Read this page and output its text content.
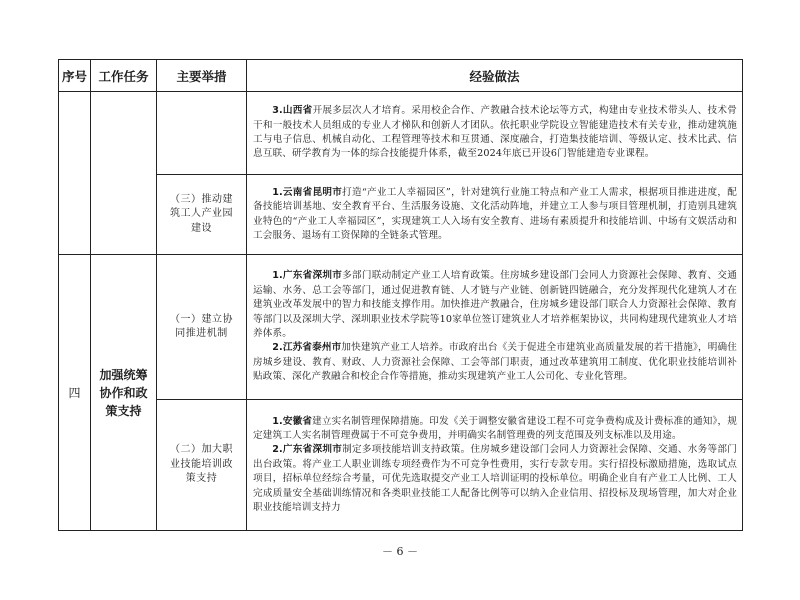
序号	工作任务	主要举措	经验做法

			3.山西省开展多层次人才培育。采用校企合作、产教融合技术论坛等方式，构建由专业技术带头人、技术骨干和一般技术人员组成的专业人才梯队和创新人才团队。依托职业学院设立智能建造技术有关专业，推动建筑施工与电子信息、机械自动化、工程管理等技术和互贯通、深度融合，打造集技能培训、等级认定、技术比武、信息互联、研学教育为一体的综合技能提升体系，截至2024年底已开设6门智能建造专业课程。

		（三）推动建筑工人产业园建设	1.云南省昆明市打造“产业工人幸福园区”，针对建筑行业施工特点和产业工人需求，根据项目推进进度，配备技能培训基地、安全教育平台、生活服务设施、文化活动阵地，并建立工人参与项目管理机制，打造别具建筑业特色的“产业工人幸福园区”，实现建筑工人入场有安全教育、进场有素质提升和技能培训、中场有文娱活动和工会服务、退场有工资保障的全链条式管理。

四	加强统筹协作和政策支持	（一）建立协同推进机制	1.广东省深圳市多部门联动制定产业工人培育政策。住房城乡建设部门会同人力资源社会保障、教育、交通运输、水务、总工会等部门，通过促进教育链、人才链与产业链、创新链四链融合，充分发挥现代化建筑人才在建筑业改革发展中的智力和技能支撑作用。加快推进产教融合，住房城乡建设部门联合人力资源社会保障、教育等部门以及深圳大学、深圳职业技术学院等10家单位签订建筑业人才培养框架协议，共同构建现代建筑业人才培养体系。

2.江苏省泰州市加快建筑产业工人培养。市政府出台《关于促进全市建筑业高质量发展的若干措施》，明确住房城乡建设、教育、财政、人力资源社会保障、工会等部门职责，通过改革建筑用工制度、优化职业技能培训补贴政策、深化产教融合和校企合作等措施，推动实现建筑产业工人公司化、专业化管理。

		（二）加大职业技能培训政策支持	1.安徽省建立实名制管理保障措施。印发《关于调整安徽省建设工程不可竞争费构成及计费标准的通知》，规定建筑工人实名制管理费属于不可竞争费用，并明确实名制管理费的列支范围及列支标准以及用途。

2.广东省深圳市制定多项技能培训支持政策。住房城乡建设部门会同人力资源社会保障、交通、水务等部门出台政策。将产业工人职业训练专项经费作为不可竞争性费用，实行专款专用。实行招投标激励措施，选取试点项目，招标单位经综合考量，可优先选取提交产业工人培训证明的投标单位。明确企业自有产业工人比例、工人完成质量安全基础训练情况和各类职业技能工人配备比例等可以纳入企业信用、招投标及现场管理，加大对企业职业技能培训支持力

－ 6 －
